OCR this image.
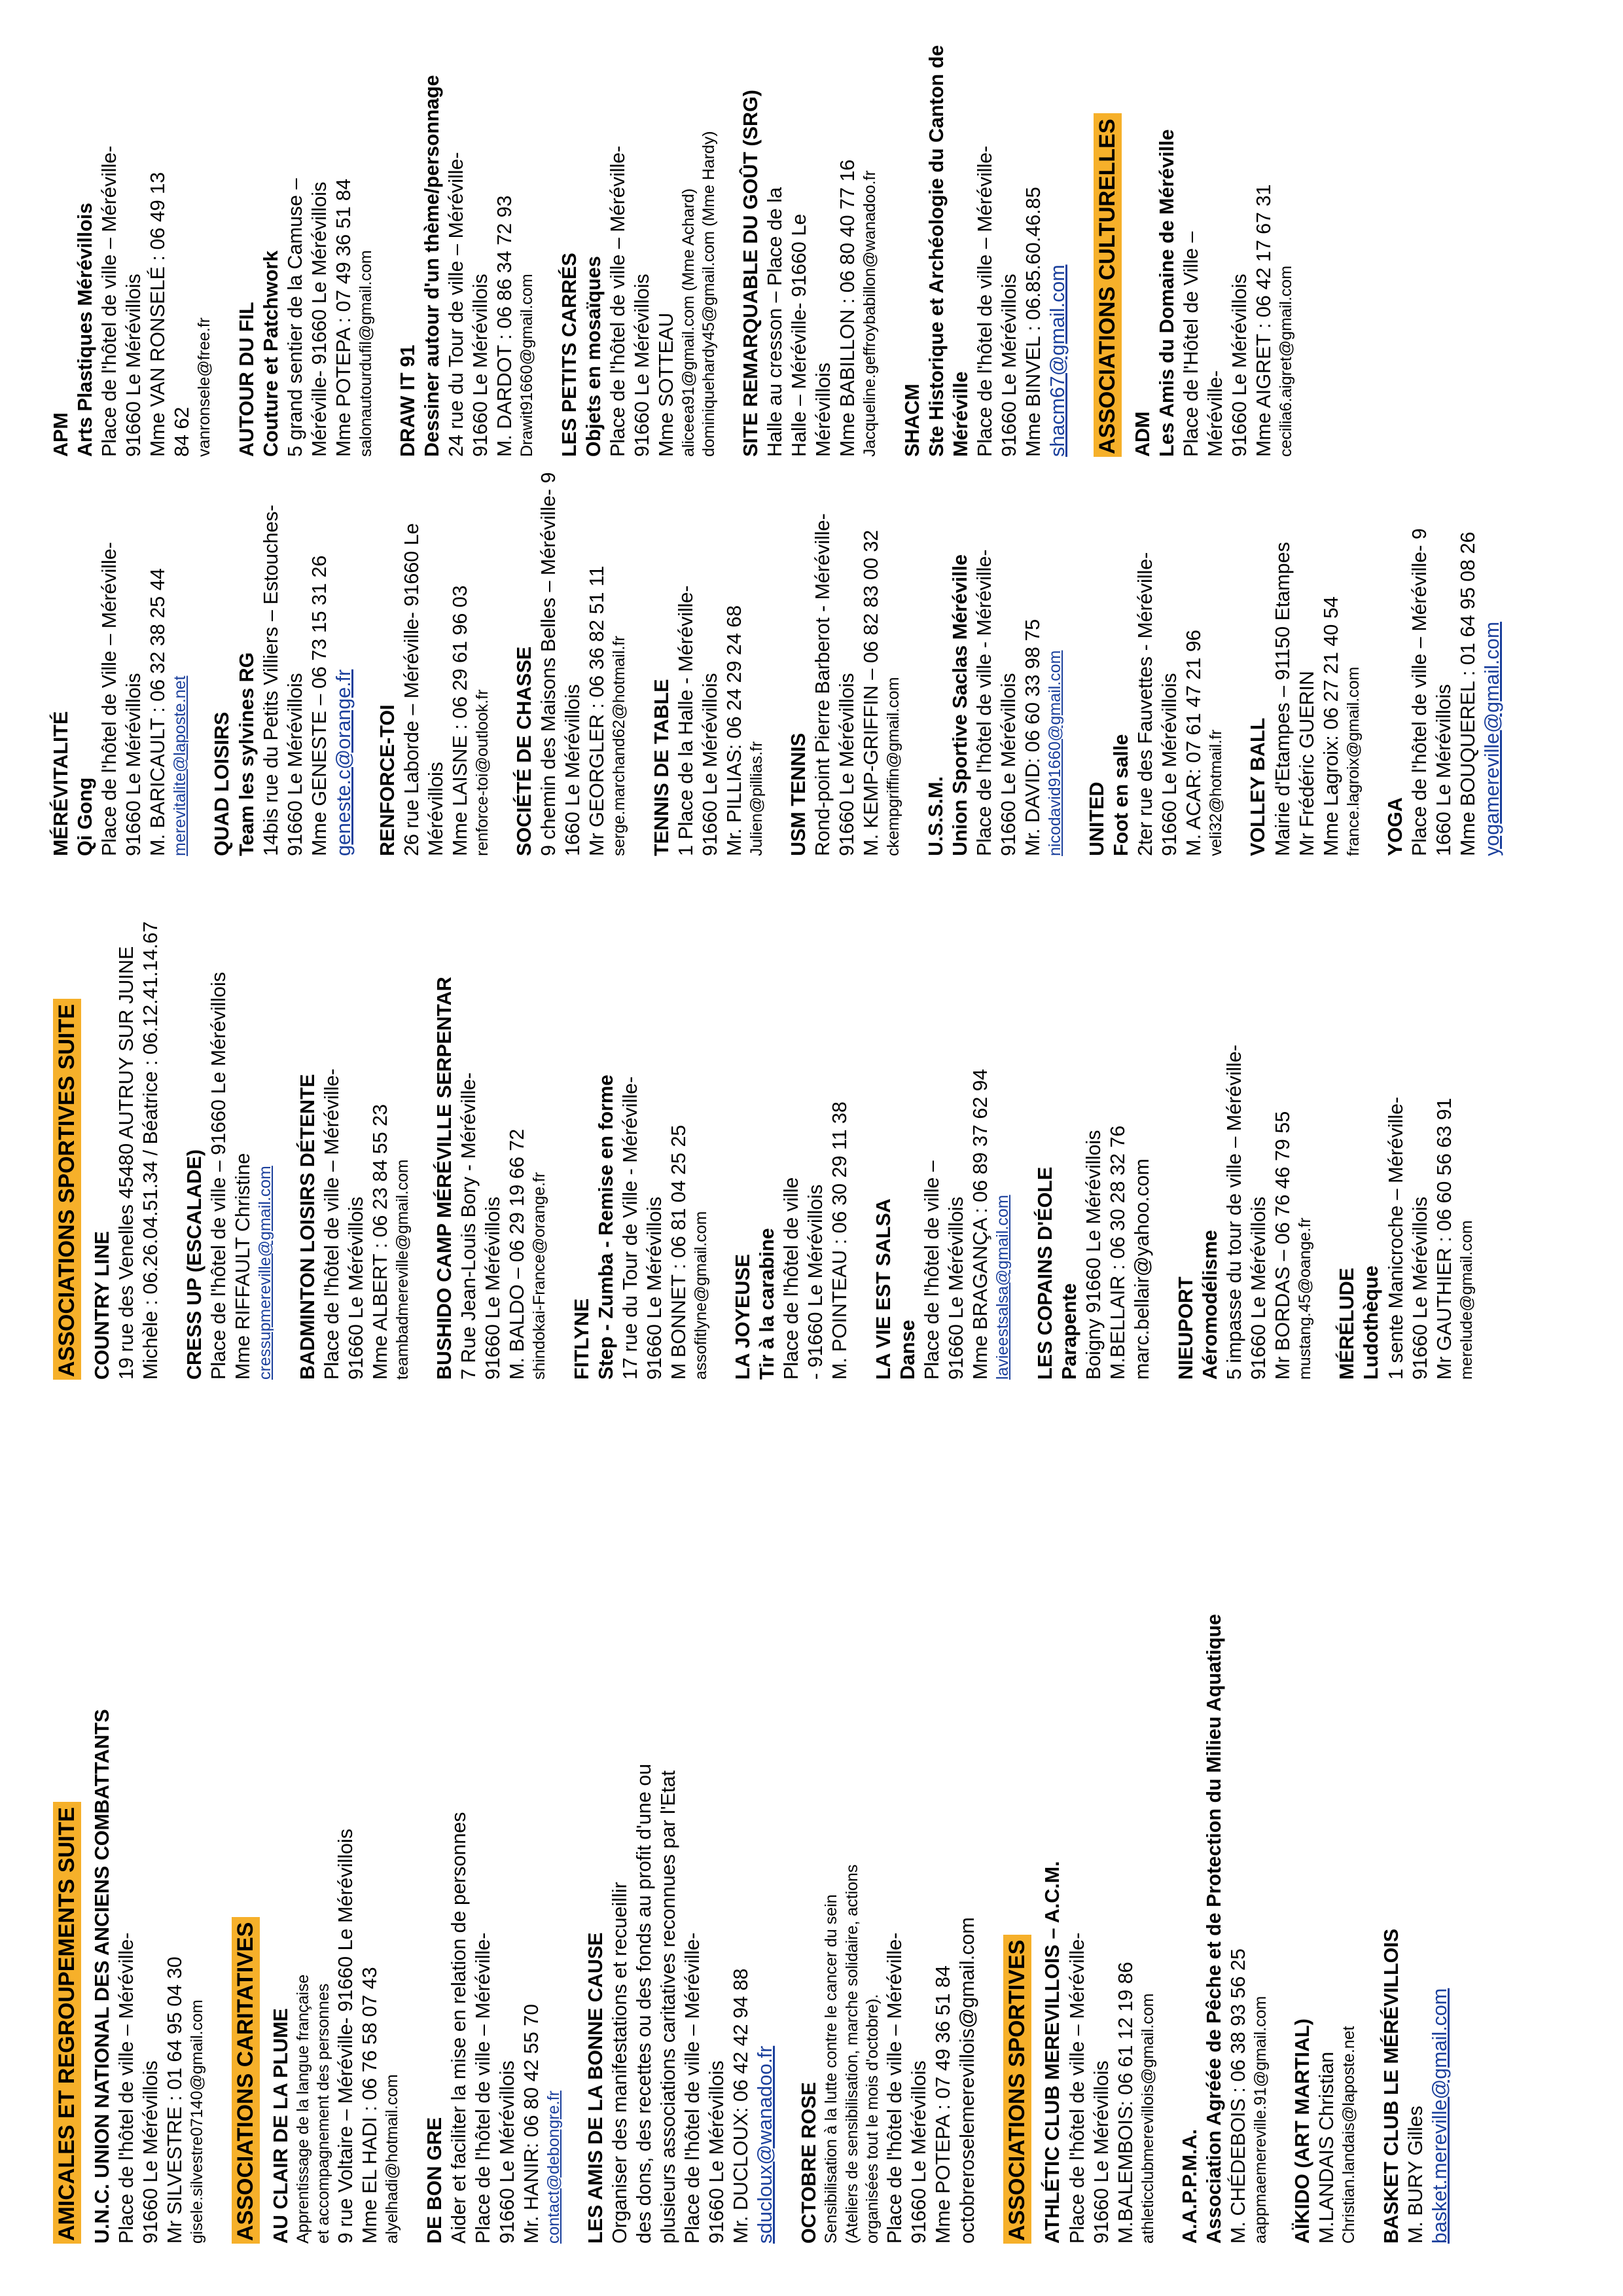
AMICALES ET REGROUPEMENTS SUITE U.N.C. UNION NATIONAL DES ANCIENS COMBATTANTS Place de l'hôtel de ville – Méréville- 91660 Le Mérévillois Mr SILVESTRE : 01 64 95 04 30 gisele.silvestre07140@gmail.com ASSOCIATIONS CARITATIVES AU CLAIR DE LA PLUME Apprentissage de la langue française et accompagnement des personnes 9 rue Voltaire – Méréville- 91660 Le Mérévillois Mme EL HADI : 06 76 58 07 43 alyelhadi@hotmail.com DE BON GRE Aider et faciliter la mise en relation de personnes Place de l'hôtel de ville – Méréville- 91660 Le Mérévillois Mr. HANIR: 06 80 42 55 70 contact@debongre.fr LES AMIS DE LA BONNE CAUSE Organiser des manifestations et recueillir des dons, des recettes ou des fonds au profit d'une ou plusieurs associations caritatives reconnues par l'Etat Place de l'hôtel de ville – Méréville- 91660 Le Mérévillois Mr. DUCLOUX: 06 42 42 94 88 sducloux@wanadoo.fr OCTOBRE ROSE Sensibilisation à la lutte contre le cancer du sein (Ateliers de sensibilisation, marche solidaire, actions organisées tout le mois d'octobre). Place de l'hôtel de ville – Méréville- 91660 Le Mérévillois Mme POTEPA : 07 49 36 51 84 octobreroselemerevillois@gmail.com ASSOCIATIONS SPORTIVES ATHLÉTIC CLUB MEREVILLOIS – A.C.M. Place de l'hôtel de ville – Méréville- 91660 Le Mérévillois M.BALEMBOIS: 06 61 12 19 86 athleticclubmerevillois@gmail.com A.A.P.P.M.A. Association Agréée de Pêche et de Protection du Milieu Aquatique M. CHÉDEBOIS : 06 38 93 56 25 aappmaemereville.91@gmail.com AÏKIDO (ART MARTIAL) M.LANDAIS Christian Christian.landais@laposte.net BASKET CLUB LE MÉRÉVILLOIS M. BURY Gilles basket.mereville@gmail.com
ASSOCIATIONS SPORTIVES SUITE COUNTRY LINE 19 rue des Venelles 45480 AUTRUY SUR JUINE Michèle : 06.26.04.51.34 / Béatrice : 06.12.41.14.67 CRESS UP (ESCALADE) Place de l'hôtel de ville – 91660 Le Mérévillois Mme RIFFAULT Christine cressupmereville@gmail.com BADMINTON LOISIRS DÉTENTE Place de l'hôtel de ville – Méréville- 91660 Le Mérévillois Mme ALBERT : 06 23 84 55 23 teambadmereville@gmail.com BUSHIDO CAMP MÉRÉVILLE SERPENTAR 7 Rue Jean-Louis Bory - Méréville- 91660 Le Mérévillois M. BALDO – 06 29 19 66 72 shindokai-France@orange.fr FITLYNE Step - Zumba - Remise en forme 17 rue du Tour de Ville - Méréville- 91660 Le Mérévillois M BONNET : 06 81 04 25 25 assofitlyne@gmail.com LA JOYEUSE Tir à la carabine Place de l'hôtel de ville - 91660 Le Mérévillois M. POINTEAU : 06 30 29 11 38 LA VIE EST SALSA Danse Place de l'hôtel de ville – 91660 Le Mérévillois Mme BRAGANÇA : 06 89 37 62 94 lavieestsalsa@gmail.com LES COPAINS D'ÉOLE Parapente Boigny 91660 Le Mérévillois M.BELLAIR : 06 30 28 32 76 marc.bellair@yahoo.com NIEUPORT Aéromodélisme 5 impasse du tour de ville – Méréville- 91660 Le Mérévillois Mr BORDAS – 06 76 46 79 55 mustang.45@oange.fr MÉRÉLUDE Ludothèque 1 sente Manicroche – Méréville- 91660 Le Mérévillois Mr GAUTHIER : 06 60 56 63 91 merelude@gmail.com
MÉRÉVITALITÉ Qi Gong Place de l'hôtel de Ville – Méréville- 91660 Le Mérévillois M. BARICAULT : 06 32 38 25 44 merevitalite@laposte.net QUAD LOISIRS Team les sylvines RG 14bis rue du Petits Villiers – Estouches- 91660 Le Mérévillois Mme GENESTE – 06 73 15 31 26 geneste.c@orange.fr RENFORCE-TOI 26 rue Laborde – Méréville- 91660 Le Mérévillois Mme LAISNE : 06 29 61 96 03 renforce-toi@outlook.fr SOCIÉTÉ DE CHASSE 9 chemin des Maisons Belles – Méréville- 9 1660 Le Mérévillois Mr GEORGLER : 06 36 82 51 11 serge.marchand62@hotmail.fr TENNIS DE TABLE 1 Place de la Halle - Méréville- 91660 Le Mérévillois Mr. PILLIAS: 06 24 29 24 68 Julien@pillias.fr USM TENNIS Rond-point Pierre Barberot - Méréville- 91660 Le Mérévillois M. KEMP-GRIFFIN – 06 82 83 00 32 ckempgriffin@gmail.com U.S.S.M. Union Sportive Saclas Méréville Place de l'hôtel de ville - Méréville- 91660 Le Mérévillois Mr. DAVID: 06 60 33 98 75 nicodavid91660@gmail.com UNITED Foot en salle 2ter rue des Fauvettes - Méréville- 91660 Le Mérévillois M. ACAR: 07 61 47 21 96 veli32@hotmail.fr VOLLEY BALL Mairie d'Etampes – 91150 Etampes Mr Frédéric GUERIN Mme Lagroix: 06 27 21 40 54 france.lagroix@gmail.com YOGA Place de l'hôtel de ville – Méréville- 9 1660 Le Mérévillois Mme BOUQUEREL : 01 64 95 08 26 yogamereville@gmail.com
APM Arts Plastiques Mérévillois Place de l'hôtel de ville – Méréville- 91660 Le Mérévillois Mme VAN RONSELÉ : 06 49 13 84 62 vanronsele@free.fr AUTOUR DU FIL Couture et Patchwork 5 grand sentier de la Camuse – Méréville- 91660 Le Mérévillois Mme POTEPA : 07 49 36 51 84 salonautourdufil@gmail.com DRAW IT 91 Dessiner autour d'un thème/personnage 24 rue du Tour de ville – Méréville- 91660 Le Mérévillois M. DARDOT : 06 86 34 72 93 Drawit91660@gmail.com LES PETITS CARRÉS Objets en mosaïques Place de l'hôtel de ville – Méréville- 91660 Le Mérévillois Mme SOTTEAU aliceea91@gmail.com (Mme Achard) dominiquehardy45@gmail.com (Mme Hardy) SITE REMARQUABLE DU GOÛT (SRG) Halle au cresson – Place de la Halle – Méréville- 91660 Le Mérévillois Mme BABILLON : 06 80 40 77 16 Jacqueline.geffroybabillon@wanadoo.fr SHACM Ste Historique et Archéologie du Canton de Méréville Place de l'hôtel de ville – Méréville- 91660 Le Mérévillois Mme BINVEL : 06.85.60.46.85 shacm67@gmail.com ASSOCIATIONS CULTURELLES ADM Les Amis du Domaine de Méréville Place de l'Hôtel de Ville – Méréville- 91660 Le Mérévillois Mme AIGRET : 06 42 17 67 31 cecilia6.aigret@gmail.com
